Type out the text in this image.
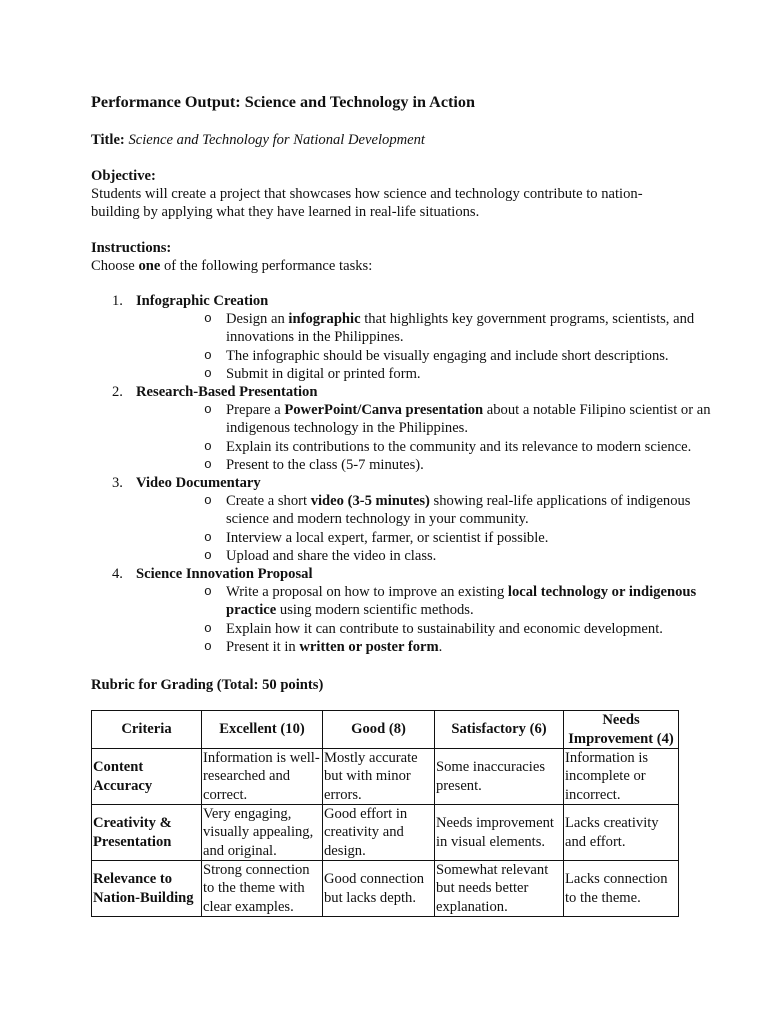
Performance Output: Science and Technology in Action
Title: Science and Technology for National Development
Objective:
Students will create a project that showcases how science and technology contribute to nation-building by applying what they have learned in real-life situations.
Instructions:
Choose one of the following performance tasks:
1. Infographic Creation
o Design an infographic that highlights key government programs, scientists, and innovations in the Philippines.
o The infographic should be visually engaging and include short descriptions.
o Submit in digital or printed form.
2. Research-Based Presentation
o Prepare a PowerPoint/Canva presentation about a notable Filipino scientist or an indigenous technology in the Philippines.
o Explain its contributions to the community and its relevance to modern science.
o Present to the class (5-7 minutes).
3. Video Documentary
o Create a short video (3-5 minutes) showing real-life applications of indigenous science and modern technology in your community.
o Interview a local expert, farmer, or scientist if possible.
o Upload and share the video in class.
4. Science Innovation Proposal
o Write a proposal on how to improve an existing local technology or indigenous practice using modern scientific methods.
o Explain how it can contribute to sustainability and economic development.
o Present it in written or poster form.
Rubric for Grading (Total: 50 points)
Criteria	Excellent (10)	Good (8)	Satisfactory (6)	Needs Improvement (4)
Content Accuracy	Information is well-researched and correct.	Mostly accurate but with minor errors.	Some inaccuracies present.	Information is incomplete or incorrect.
Creativity & Presentation	Very engaging, visually appealing, and original.	Good effort in creativity and design.	Needs improvement in visual elements.	Lacks creativity and effort.
Relevance to Nation-Building	Strong connection to the theme with clear examples.	Good connection but lacks depth.	Somewhat relevant but needs better explanation.	Lacks connection to the theme.
